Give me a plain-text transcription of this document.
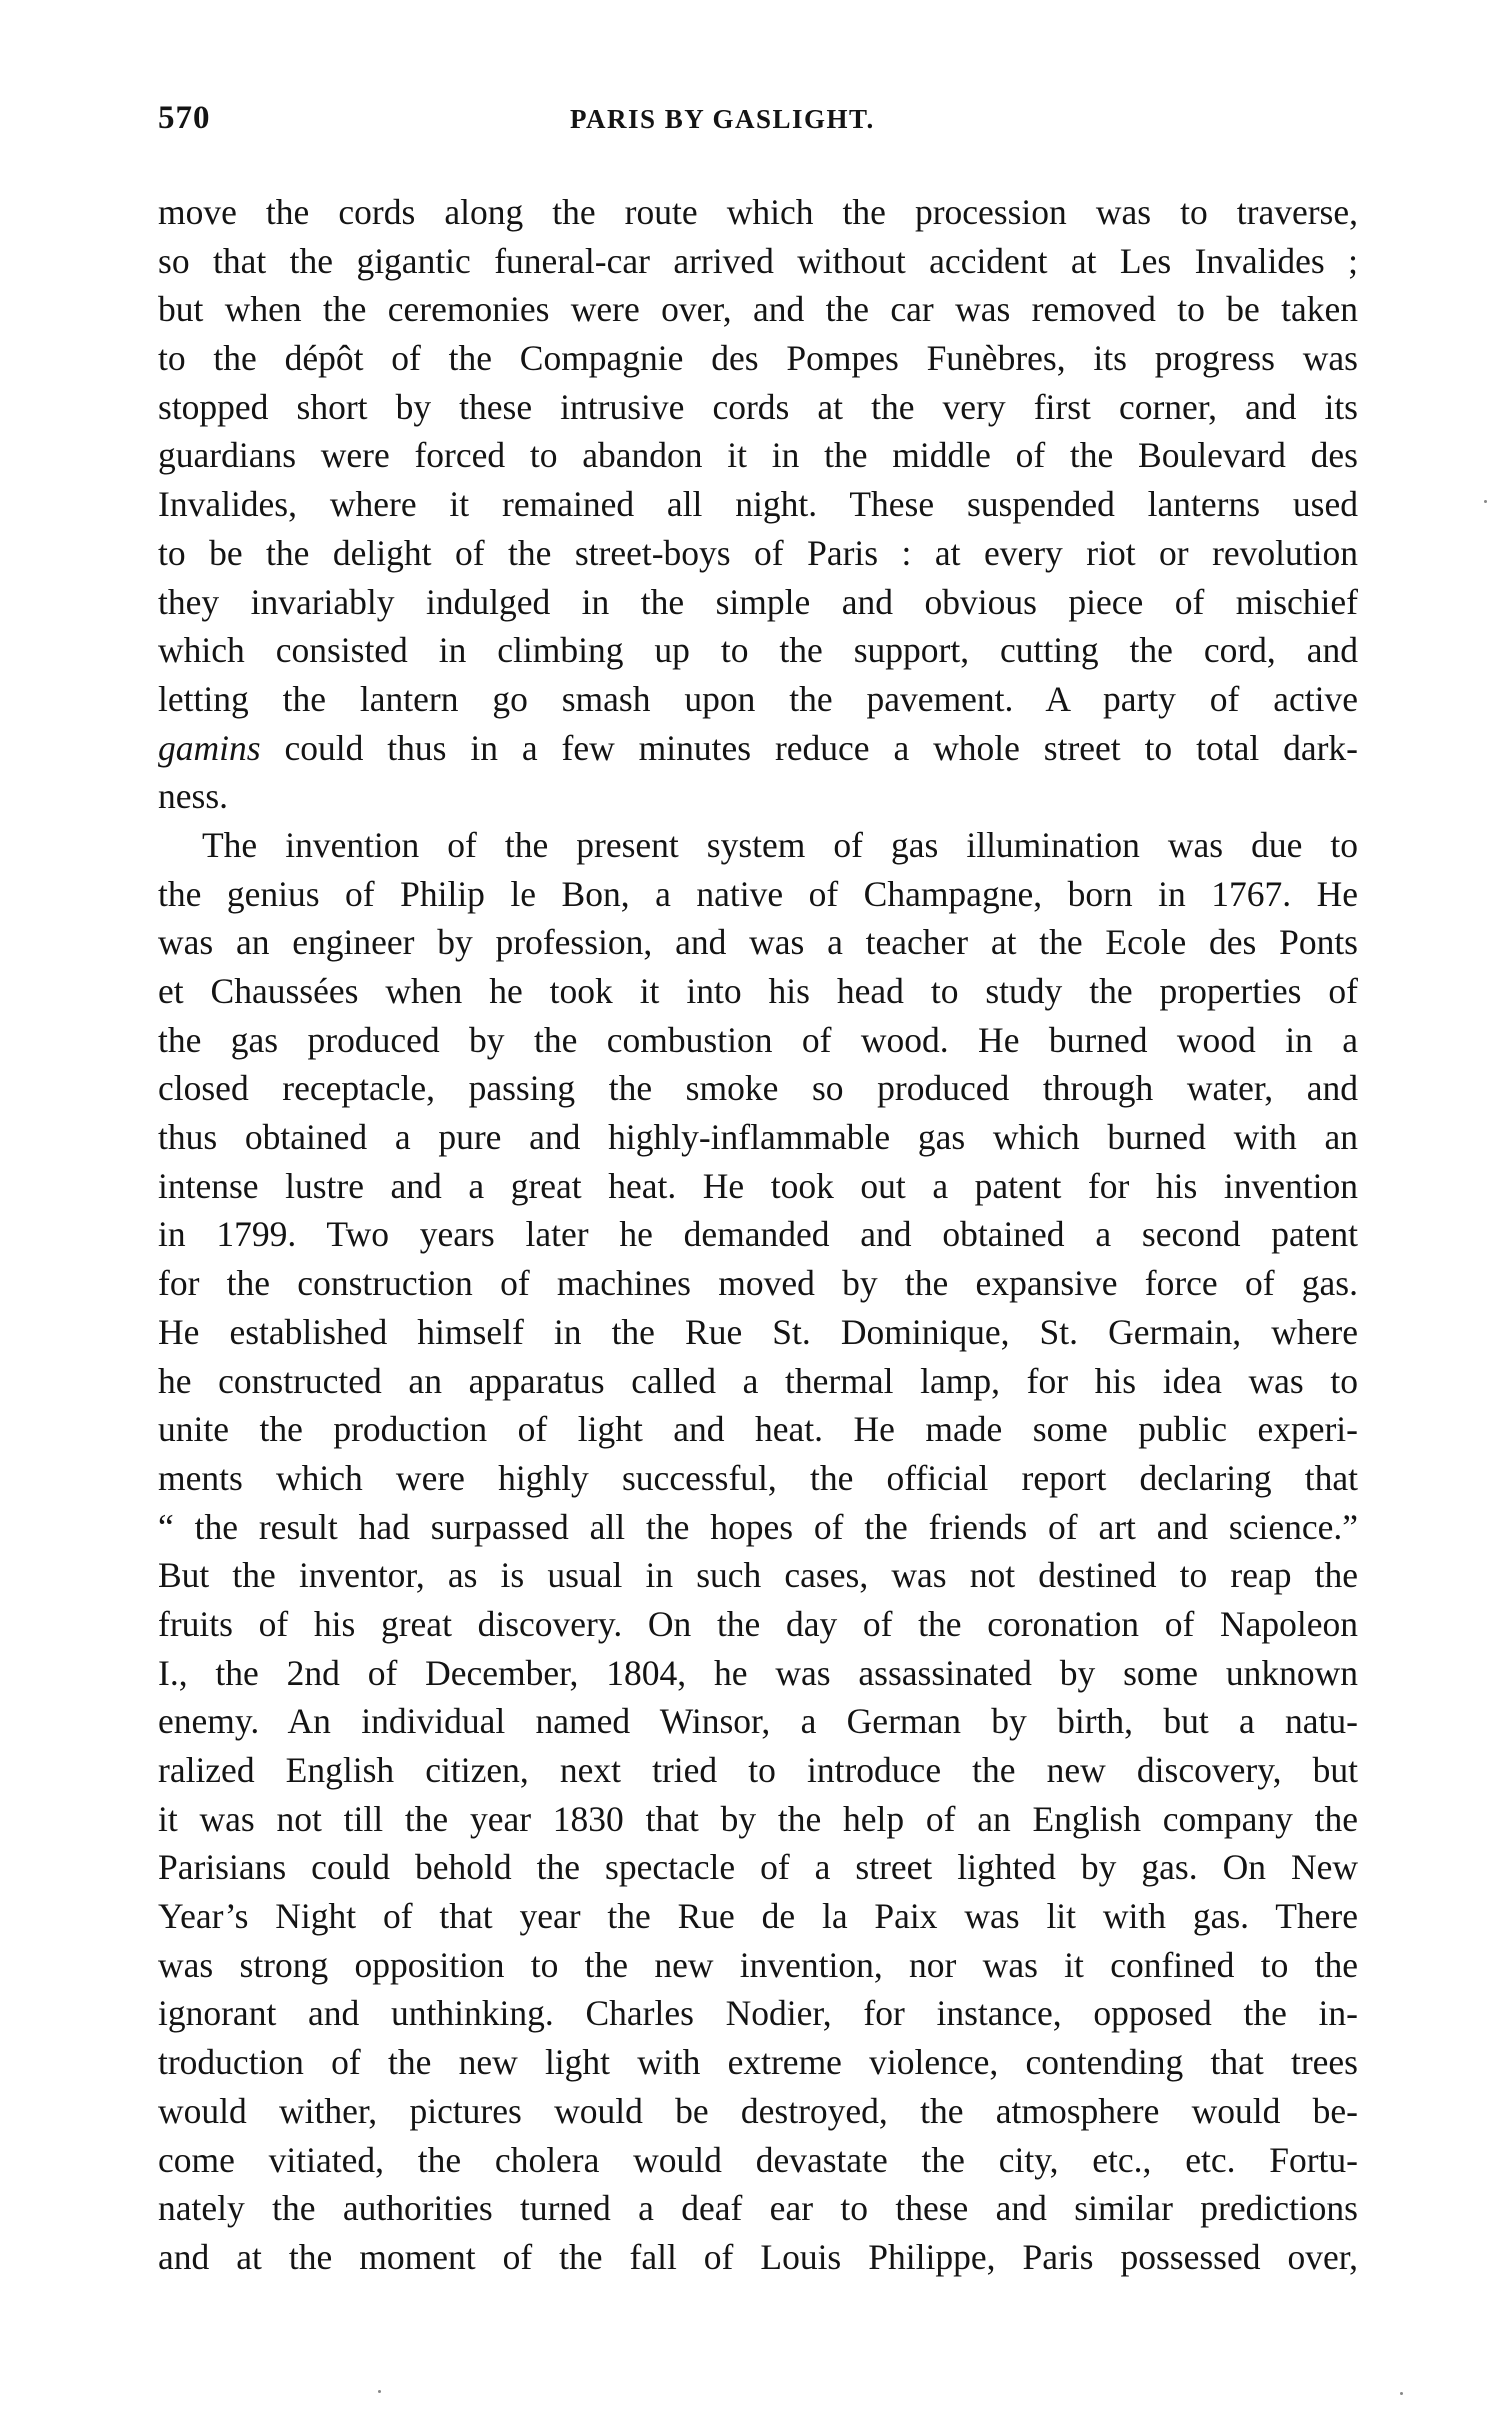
570	PARIS BY GASLIGHT.
move the cords along the route which the procession was to traverse,
so that the gigantic funeral-car arrived without accident at Les Invalides ;
but when the ceremonies were over, and the car was removed to be taken
to the dépôt of the Compagnie des Pompes Funèbres, its progress was
stopped short by these intrusive cords at the very first corner, and its
guardians were forced to abandon it in the middle of the Boulevard des
Invalides, where it remained all night. These suspended lanterns used
to be the delight of the street-boys of Paris : at every riot or revolution
they invariably indulged in the simple and obvious piece of mischief
which consisted in climbing up to the support, cutting the cord, and
letting the lantern go smash upon the pavement. A party of active
gamins could thus in a few minutes reduce a whole street to total dark-
ness.
The invention of the present system of gas illumination was due to
the genius of Philip le Bon, a native of Champagne, born in 1767. He
was an engineer by profession, and was a teacher at the Ecole des Ponts
et Chaussées when he took it into his head to study the properties of
the gas produced by the combustion of wood. He burned wood in a
closed receptacle, passing the smoke so produced through water, and
thus obtained a pure and highly-inflammable gas which burned with an
intense lustre and a great heat. He took out a patent for his invention
in 1799. Two years later he demanded and obtained a second patent
for the construction of machines moved by the expansive force of gas.
He established himself in the Rue St. Dominique, St. Germain, where
he constructed an apparatus called a thermal lamp, for his idea was to
unite the production of light and heat. He made some public experi-
ments which were highly successful, the official report declaring that
“ the result had surpassed all the hopes of the friends of art and science.”
But the inventor, as is usual in such cases, was not destined to reap the
fruits of his great discovery. On the day of the coronation of Napoleon
I., the 2nd of December, 1804, he was assassinated by some unknown
enemy. An individual named Winsor, a German by birth, but a natu-
ralized English citizen, next tried to introduce the new discovery, but
it was not till the year 1830 that by the help of an English company the
Parisians could behold the spectacle of a street lighted by gas. On New
Year’s Night of that year the Rue de la Paix was lit with gas. There
was strong opposition to the new invention, nor was it confined to the
ignorant and unthinking. Charles Nodier, for instance, opposed the in-
troduction of the new light with extreme violence, contending that trees
would wither, pictures would be destroyed, the atmosphere would be-
come vitiated, the cholera would devastate the city, etc., etc. Fortu-
nately the authorities turned a deaf ear to these and similar predictions
and at the moment of the fall of Louis Philippe, Paris possessed over,
